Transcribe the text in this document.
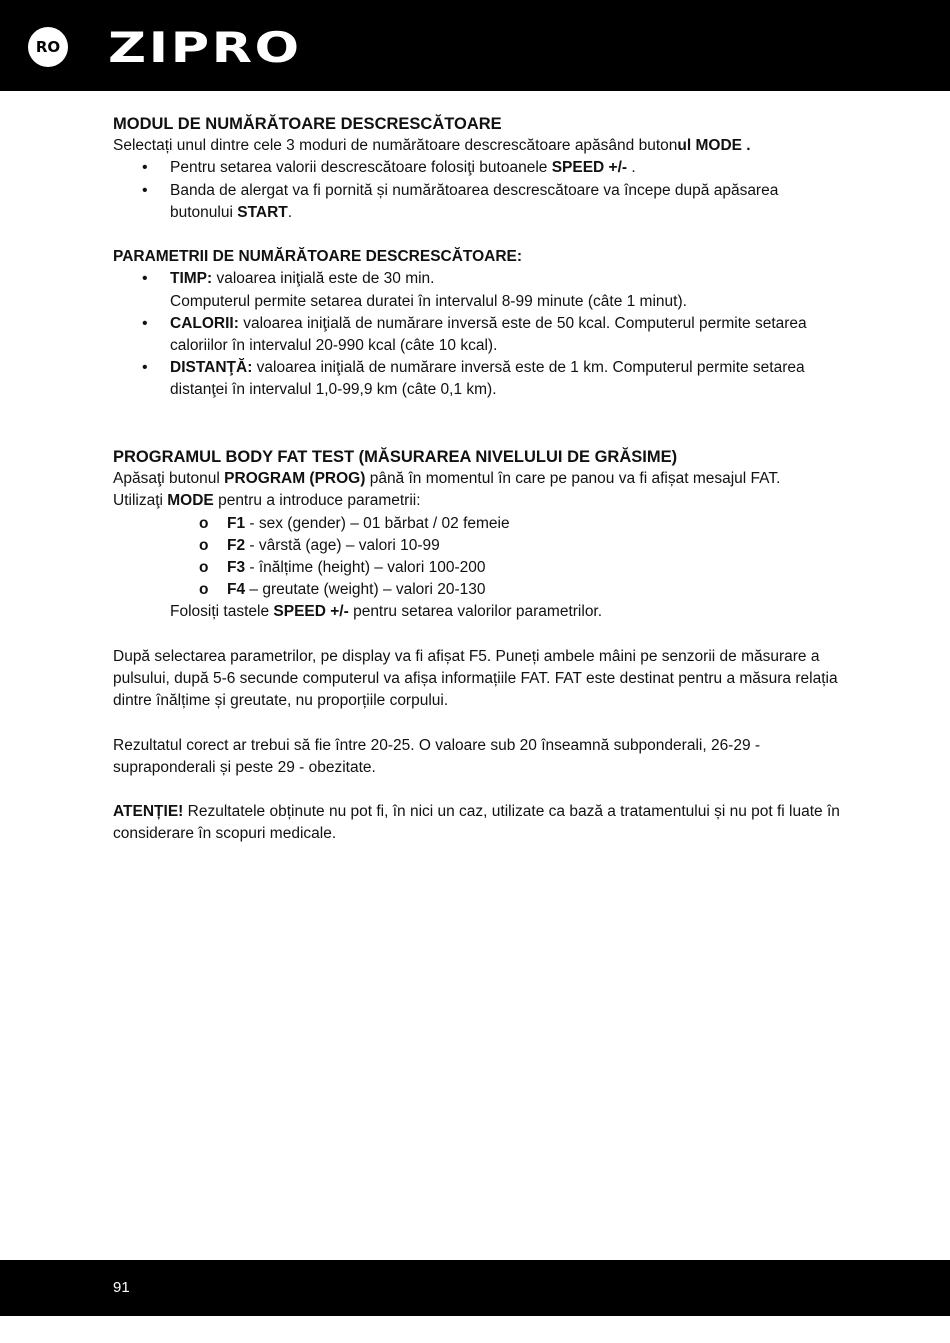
RO ZIPRO

MODUL DE NUMĂRĂTOARE DESCRESCĂTOARE

Selectați unul dintre cele 3 moduri de numărătoare descrescătoare apăsând butonul MODE .

• Pentru setarea valorii descrescătoare folosiţi butoanele SPEED +/- .
• Banda de alergat va fi pornită și numărătoarea descrescătoare va începe după apăsarea butonului START.

PARAMETRII DE NUMĂRĂTOARE DESCRESCĂTOARE:

• TIMP: valoarea iniţială este de 30 min.
Computerul permite setarea duratei în intervalul 8-99 minute (câte 1 minut).
• CALORII: valoarea iniţială de numărare inversă este de 50 kcal. Computerul permite setarea caloriilor în intervalul 20-990 kcal (câte 10 kcal).
• DISTANŢĂ: valoarea iniţială de numărare inversă este de 1 km. Computerul permite setarea distanţei în intervalul 1,0-99,9 km (câte 0,1 km).

PROGRAMUL BODY FAT TEST (MĂSURAREA NIVELULUI DE GRĂSIME)

Apăsaţi butonul PROGRAM (PROG) până în momentul în care pe panou va fi afișat mesajul FAT.

Utilizaţi MODE pentru a introduce parametrii:

o F1 - sex (gender) – 01 bărbat / 02 femeie
o F2 - vârstă (age) – valori 10-99
o F3 - înălțime (height) – valori 100-200
o F4 – greutate (weight) – valori 20-130

Folosiți tastele SPEED +/- pentru setarea valorilor parametrilor.

După selectarea parametrilor, pe display va fi afișat F5. Puneți ambele mâini pe senzorii de măsurare a pulsului, după 5-6 secunde computerul va afișa informațiile FAT. FAT este destinat pentru a măsura relația dintre înălțime și greutate, nu proporțiile corpului.

Rezultatul corect ar trebui să fie între 20-25. O valoare sub 20 înseamnă subponderali, 26-29 - supraponderali și peste 29 - obezitate.

ATENȚIE! Rezultatele obținute nu pot fi, în nici un caz, utilizate ca bază a tratamentului și nu pot fi luate în considerare în scopuri medicale.

91
